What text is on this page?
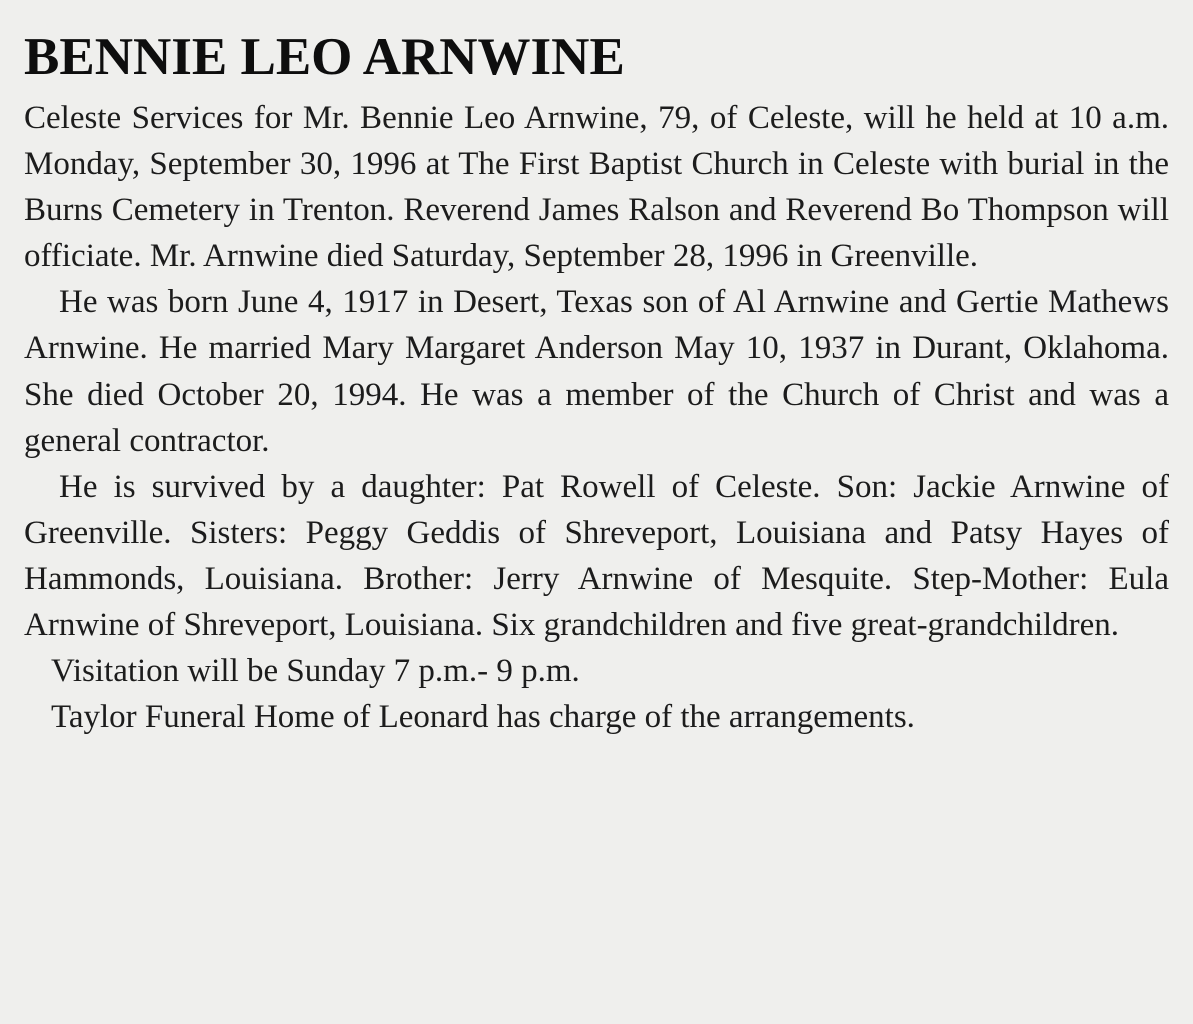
BENNIE LEO ARNWINE

Celeste Services for Mr. Bennie Leo Arnwine, 79, of Celeste, will he held at 10 a.m. Monday, September 30, 1996 at The First Baptist Church in Celeste with burial in the Burns Cemetery in Trenton. Reverend James Ralson and Reverend Bo Thompson will officiate. Mr. Arnwine died Saturday, September 28, 1996 in Greenville.

He was born June 4, 1917 in Desert, Texas son of Al Arnwine and Gertie Mathews Arnwine. He married Mary Margaret Anderson May 10, 1937 in Durant, Oklahoma. She died October 20, 1994. He was a member of the Church of Christ and was a general contractor.

He is survived by a daughter: Pat Rowell of Celeste. Son: Jackie Arnwine of Greenville. Sisters: Peggy Geddis of Shreveport, Louisiana and Patsy Hayes of Hammonds, Louisiana. Brother: Jerry Arnwine of Mesquite. Step-Mother: Eula Arnwine of Shreveport, Louisiana. Six grandchildren and five great-grandchildren.

Visitation will be Sunday 7 p.m.- 9 p.m.

Taylor Funeral Home of Leonard has charge of the arrangements.
